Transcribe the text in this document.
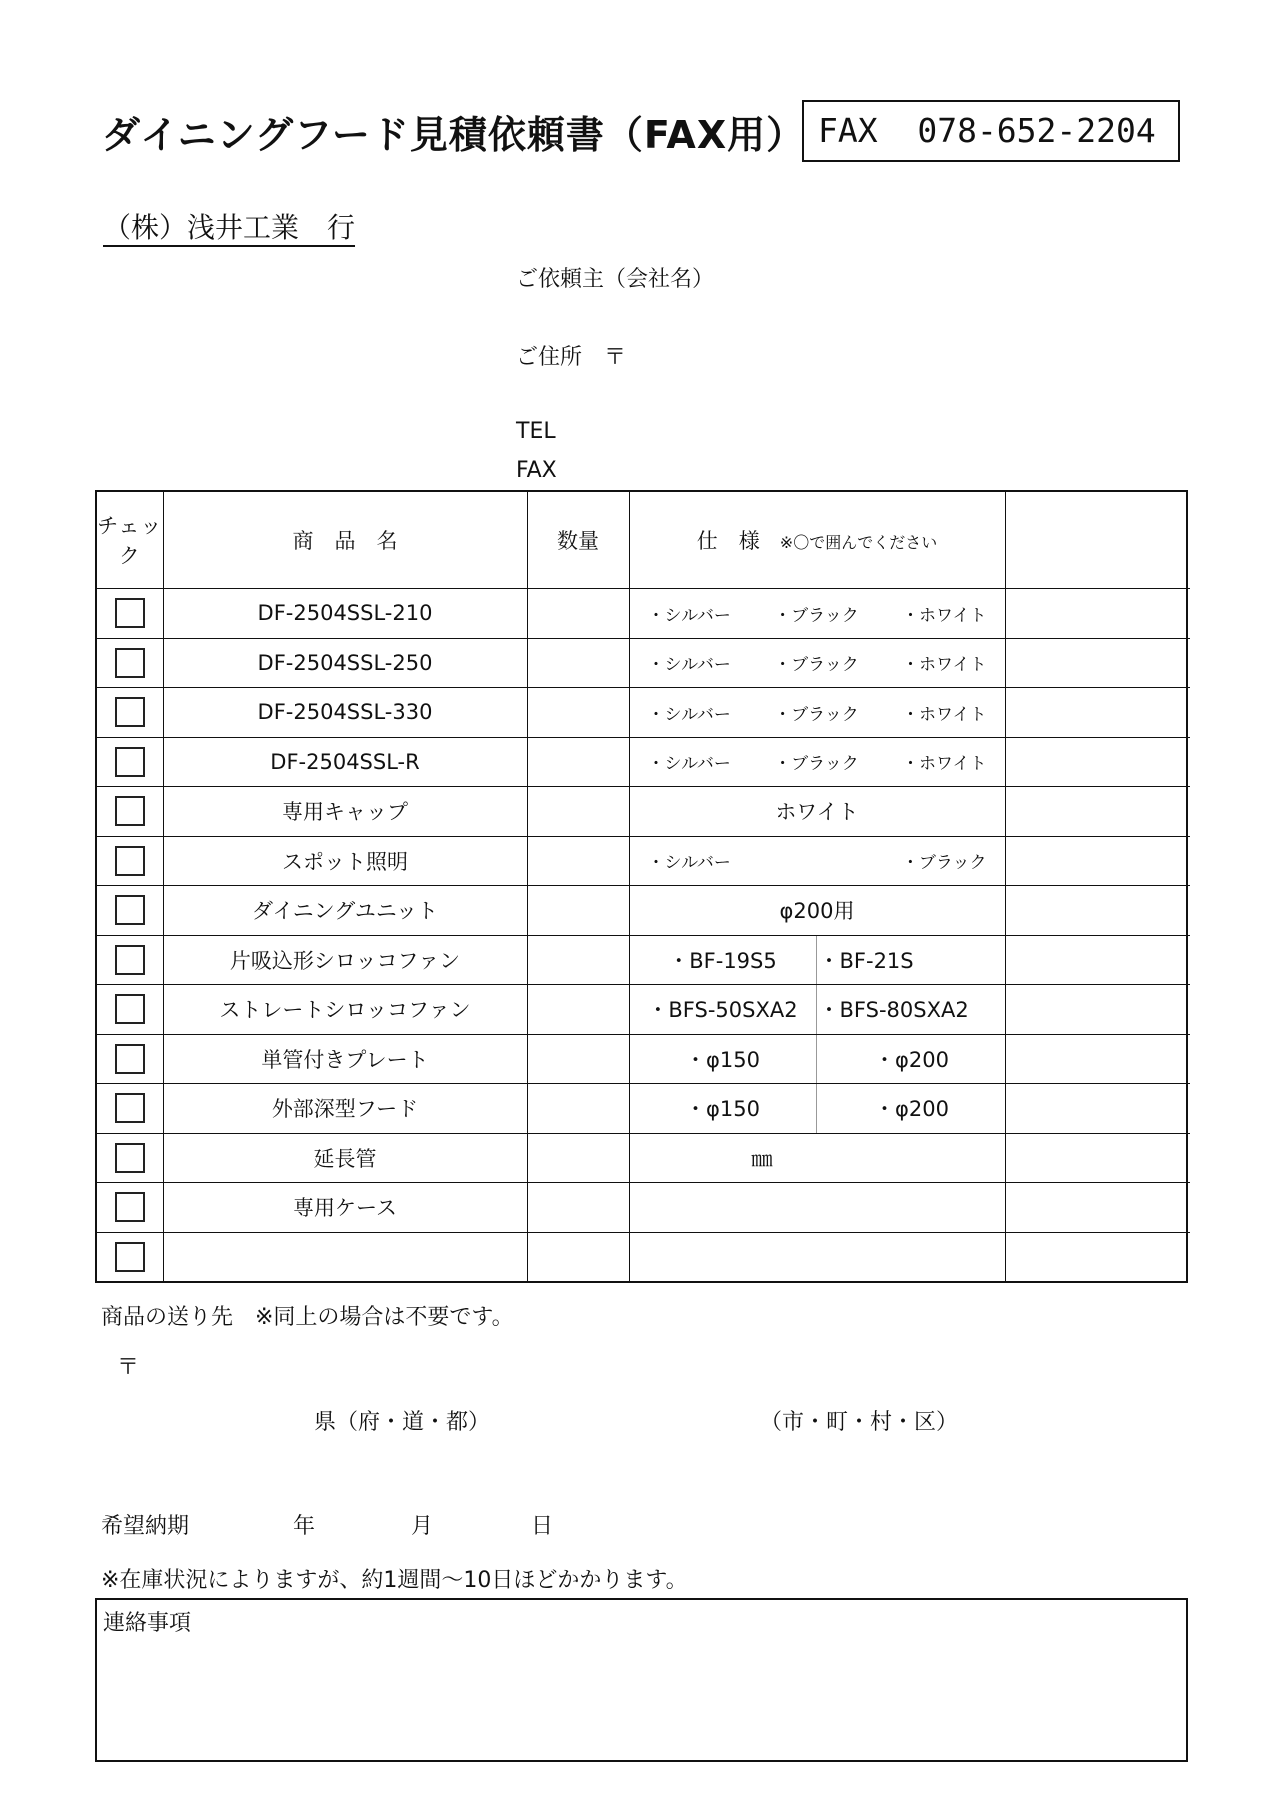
ダイニングフード見積依頼書（FAX用） FAX  078-652-2204
（株）浅井工業　行
ご依頼主（会社名）
ご住所　〒
TEL
FAX
チェック	商　品　名	数量	仕　様 ※〇で囲んでください	
	DF-2504SSL-210		・シルバー ・ブラック ・ホワイト	

	DF-2504SSL-250		・シルバー ・ブラック ・ホワイト	

	DF-2504SSL-330		・シルバー ・ブラック ・ホワイト	

	DF-2504SSL-R		・シルバー ・ブラック ・ホワイト	

	専用キャップ		ホワイト	
	スポット照明		・シルバー ・ブラック	

	ダイニングユニット		φ200用	
	片吸込形シロッコファン		・BF-19S5 ・BF-21S	

	ストレートシロッコファン		・BFS-50SXA2 ・BFS-80SXA2	

	単管付きプレート		・φ150 ・φ200	

	外部深型フード		・φ150 ・φ200	

	延長管		㎜	
	専用ケース			

商品の送り先　※同上の場合は不要です。
〒
県（府・道・都）	（市・町・村・区）
希望納期	年	月	日
※在庫状況によりますが、約1週間～10日ほどかかります。
連絡事項
